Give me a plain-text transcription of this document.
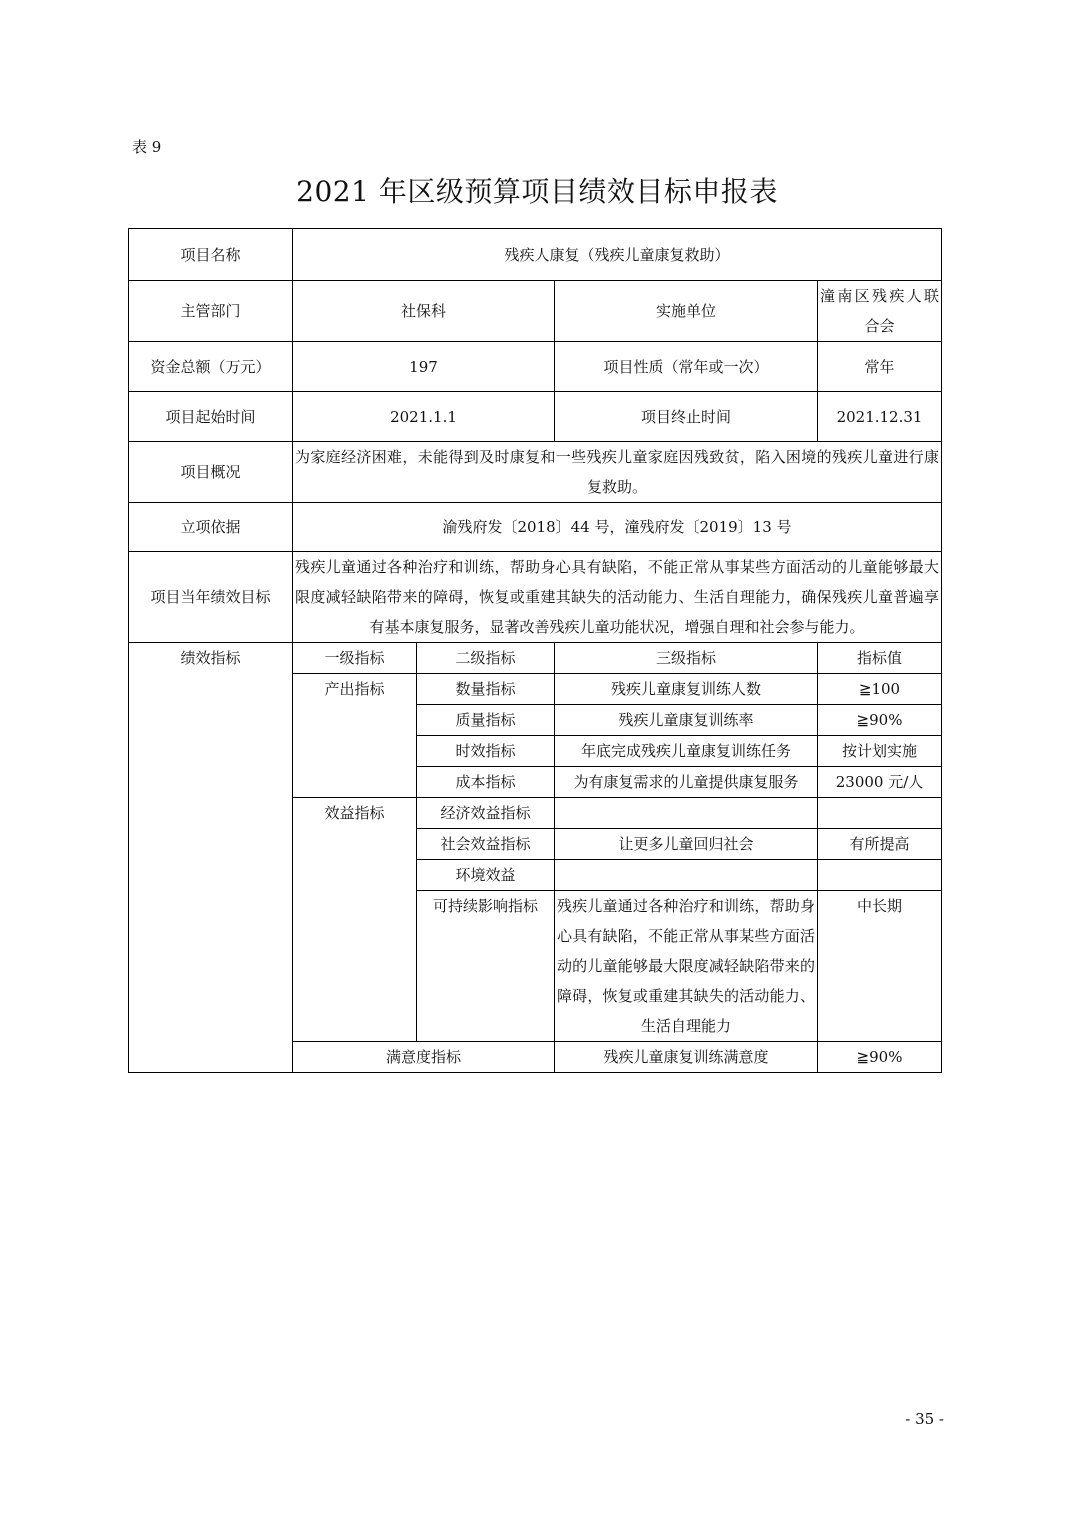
表 9
2021 年区级预算项目绩效目标申报表
项目名称	残疾人康复（残疾儿童康复救助）			
主管部门	社保科		实施单位	潼南区残疾人联合会
资金总额（万元）	197		项目性质（常年或一次）	常年
项目起始时间	2021.1.1		项目终止时间	2021.12.31
项目概况	为家庭经济困难，未能得到及时康复和一些残疾儿童家庭因残致贫，陷入困境的残疾儿童进行康复救助。			
立项依据	渝残府发〔2018〕44 号，潼残府发〔2019〕13 号			
项目当年绩效目标	残疾儿童通过各种治疗和训练，帮助身心具有缺陷，不能正常从事某些方面活动的儿童能够最大限度减轻缺陷带来的障碍，恢复或重建其缺失的活动能力、生活自理能力，确保残疾儿童普遍享有基本康复服务，显著改善残疾儿童功能状况，增强自理和社会参与能力。			
绩效指标	一级指标	二级指标	三级指标	指标值
	产出指标	数量指标	残疾儿童康复训练人数	≧100
		质量指标	残疾儿童康复训练率	≧90%
		时效指标	年底完成残疾儿童康复训练任务	按计划实施
		成本指标	为有康复需求的儿童提供康复服务	23000 元/人
	效益指标	经济效益指标		
		社会效益指标	让更多儿童回归社会	有所提高
		环境效益		
		可持续影响指标	残疾儿童通过各种治疗和训练，帮助身心具有缺陷，不能正常从事某些方面活动的儿童能够最大限度减轻缺陷带来的障碍，恢复或重建其缺失的活动能力、生活自理能力	中长期
	满意度指标		残疾儿童康复训练满意度	≧90%
- 35 -
